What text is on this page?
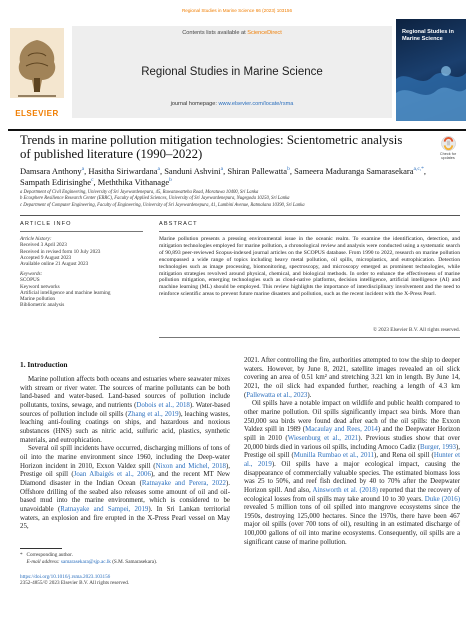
Regional Studies in Marine Science 66 (2023) 103156
ELSEVIER
Contents lists available at ScienceDirect
Regional Studies in Marine Science
journal homepage: www.elsevier.com/locate/rsma
Regional Studies in Marine Science
Trends in marine pollution mitigation technologies: Scientometric analysis of published literature (1990–2022)	Check for updates
Damsara Anthony$^a$, Hasitha Siriwardana$^a$, Sanduni Ashvini$^a$, Shiran Pallewatta$^b$, Sameera Maduranga Samarasekara$^{a,c,*}$, Sampath Edirisinghe$^c$, Meththika Vithanage$^b$
a Department of Civil Engineering, University of Sri Jayewardenepura, 45, Rawatawatteha Road, Moratuwa 10400, Sri Lanka
b Ecosphere Resilience Research Center (ERRC), Faculty of Applied Sciences, University of Sri Jayewardenepura, Nugegoda 10250, Sri Lanka
c Department of Computer Engineering, Faculty of Engineering, University of Sri Jayewardenepura, 41, Lumbini Avenue, Ratmalana 10390, Sri Lanka
ARTICLE INFO	ABSTRACT
Article history:
Received 3 April 2023
Received in revised form 10 July 2023
Accepted 9 August 2023
Available online 21 August 2023
Keywords:
SCOPUS
Keyword networks
Artificial intelligence and machine learning
Marine pollution
Bibliometric analysis
Marine pollution presents a pressing environmental issue in the oceanic realm. To examine the identification, detection, and mitigation technologies employed for marine pollution, a chronological review and analysis were conducted using a systematic search of 90,893 peer-reviewed Scopus-indexed journal articles on the SCOPUS database. From 1990 to 2022, research on marine pollution encompassed a wide range of topics including heavy metal pollution, oil spills, microplastics, and eutrophication. Detection technologies such as image processing, biomonitoring, spectroscopy, and microscopy emerged as prominent technologies, while mitigation strategies revolved around physical, chemical, and biological methods. In order to enhance the effectiveness of marine pollution mitigation, emerging technologies such as cloud-native platforms, decision intelligence, artificial intelligence (AI) and machine learning (ML) should be employed. This review highlights the importance of interdisciplinary involvement and the need to reinforce scientific areas to prevent future marine disasters and pollution, such as the recent incident with the X-Press Pearl.
© 2023 Elsevier B.V. All rights reserved.
1. Introduction

Marine pollution affects both oceans and estuaries where seawater mixes with stream or river water. The sources of marine pollutants can be both land-based and water-based. Land-based sources of pollution include pollutants, toxins, sewage, and nutrients (Dobois et al., 2018). Water-based sources of pollution include oil spills (Zhang et al., 2019), leaching wastes, leaching anti-fouling coatings on ships, and hazardous and noxious substances (HNS) such as nitric acid, sulfuric acid, plastics, synthetic materials, and eutrophication.

Several oil spill incidents have occurred, discharging millions of tons of oil into the marine environment since 1960, including the Deep-water Horizon incident in 2010, Exxon Valdez spill (Nixon and Michel, 2018), Prestige oil spill (Joan Albaigés et al., 2006), and the recent MT New Diamond disaster in the Indian Ocean (Ratnayake and Perera, 2022). Offshore drilling of the seabed also releases some amount of oil and oil-based mud into the marine environment, which is considered to be unavoidable (Ratnayake and Sampei, 2019). In Sri Lankan territorial waters, an explosion and fire erupted in the X-Press Pearl vessel on May 25,

2021. After controlling the fire, authorities attempted to tow the ship to deeper waters. However, by June 8, 2021, satellite images revealed an oil slick covering an area of 0.51 km² and stretching 3.21 km in length. By June 14, 2021, the oil slick had expanded further, reaching a length of 4.3 km (Pallewatta et al., 2023).

Oil spills have a notable impact on wildlife and public health compared to other marine pollution. Oil spills significantly impact sea birds. More than 250,000 sea birds were found dead after each of the oil spills: the Exxon Valdez spill in 1989 (Macaulay and Rees, 2014) and the Deepwater Horizon spill in 2010 (Wiesenburg et al., 2021). Previous studies show that over 20,000 birds died in various oil spills, including Amoco Cadiz (Burger, 1993), Prestige oil spill (Munilla Rumbao et al., 2011), and Rena oil spill (Hunter et al., 2019). Oil spills have a major ecological impact, causing the disappearance of commercially valuable species. The estimated biomass loss was 25 to 50%, and reef fish declined by 40 to 70% after the Deepwater Horizon spill. And also, Ainsworth et al. (2018) reported that the recovery of ecological losses from oil spills may take around 10 to 30 years. Duke (2016) revealed 5 million tons of oil spilled into mangrove ecosystems since the 1950s, destroying 125,000 hectares. Since the 1970s, there have been 467 major oil spills (over 700 tons of oil), resulting in an estimated discharge of 100,000 gallons of oil into marine ecosystems. Consequently, oil spills are a significant cause of marine pollution.

* Corresponding author.
E-mail address: samarasekara@sjp.ac.lk (S.M. Samarasekara).
https://doi.org/10.1016/j.rsma.2023.103156
2352-4855/© 2023 Elsevier B.V. All rights reserved.
